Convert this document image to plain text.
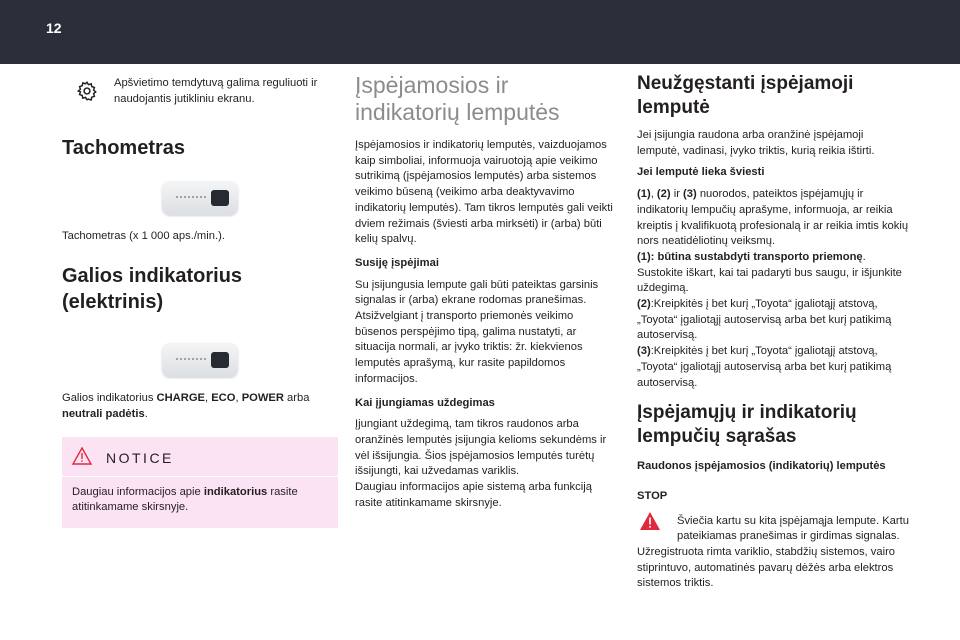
12

Apšvietimo temdytuvą galima reguliuoti ir naudojantis jutikliniu ekranu.

Tachometras

Tachometras (x 1 000 aps./min.).

Galios indikatorius (elektrinis)

Galios indikatorius CHARGE, ECO, POWER arba neutrali padėtis.

NOTICE

Daugiau informacijos apie indikatorius rasite atitinkamame skirsnyje.

Įspėjamosios ir indikatorių lemputės

Įspėjamosios ir indikatorių lemputės, vaizduojamos kaip simboliai, informuoja vairuotoją apie veikimo sutrikimą (įspėjamosios lemputės) arba sistemos veikimo būseną (veikimo arba deaktyvavimo indikatorių lemputės). Tam tikros lemputės gali veikti dviem režimais (šviesti arba mirksėti) ir (arba) būti kelių spalvų.

Susiję įspėjimai

Su įsijungusia lempute gali būti pateiktas garsinis signalas ir (arba) ekrane rodomas pranešimas. Atsižvelgiant į transporto priemonės veikimo būsenos perspėjimo tipą, galima nustatyti, ar situacija normali, ar įvyko triktis: žr. kiekvienos lemputės aprašymą, kur rasite papildomos informacijos.

Kai įjungiamas uždegimas

Įjungiant uždegimą, tam tikros raudonos arba oranžinės lemputės įsijungia kelioms sekundėms ir vėl išsijungia. Šios įspėjamosios lemputės turėtų išsijungti, kai užvedamas variklis.

Daugiau informacijos apie sistemą arba funkciją rasite atitinkamame skirsnyje.

Neužgęstanti įspėjamoji lemputė

Jei įsijungia raudona arba oranžinė įspėjamoji lemputė, vadinasi, įvyko triktis, kurią reikia ištirti.

Jei lemputė lieka šviesti

(1), (2) ir (3) nuorodos, pateiktos įspėjamųjų ir indikatorių lempučių aprašyme, informuoja, ar reikia kreiptis į kvalifikuotą profesionalą ir ar reikia imtis kokių nors neatidėliotinų veiksmų.

(1): būtina sustabdyti transporto priemonę. Sustokite iškart, kai tai padaryti bus saugu, ir išjunkite uždegimą.

(2):Kreipkitės į bet kurį „Toyota“ įgaliotąjį atstovą, „Toyota“ įgaliotąjį autoservisą arba bet kurį patikimą autoservisą.

(3):Kreipkitės į bet kurį „Toyota“ įgaliotąjį atstovą, „Toyota“ įgaliotąjį autoservisą arba bet kurį patikimą autoservisą.

Įspėjamųjų ir indikatorių lempučių sąrašas
Raudonos įspėjamosios (indikatorių) lemputės
STOP

Šviečia kartu su kita įspėjamąja lempute. Kartu pateikiamas pranešimas ir girdimas signalas.

Užregistruota rimta variklio, stabdžių sistemos, vairo stiprintuvo, automatinės pavarų dėžės arba elektros sistemos triktis.
